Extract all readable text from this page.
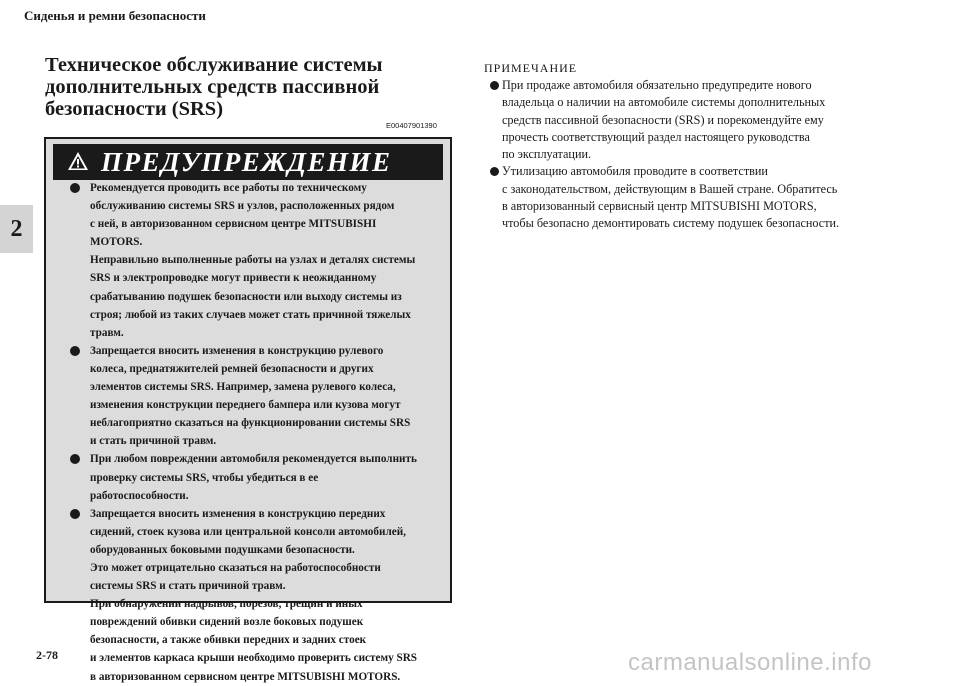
Сиденья и ремни безопасности
2
Техническое обслуживание системы
дополнительных средств пассивной
безопасности (SRS)
E00407901390
ПРЕДУПРЕЖДЕНИЕ
Рекомендуется проводить все работы по техническому
обслуживанию системы SRS и узлов, расположенных рядом
с ней, в авторизованном сервисном центре MITSUBISHI
MOTORS.
Неправильно выполненные работы на узлах и деталях системы
SRS и электропроводке могут привести к неожиданному
срабатыванию подушек безопасности или выходу системы из
строя; любой из таких случаев может стать причиной тяжелых
травм.
Запрещается вносить изменения в конструкцию рулевого
колеса, преднатяжителей ремней безопасности и других
элементов системы SRS. Например, замена рулевого колеса,
изменения конструкции переднего бампера или кузова могут
неблагоприятно сказаться на функционировании системы SRS
и стать причиной травм.
При любом повреждении автомобиля рекомендуется выполнить
проверку системы SRS, чтобы убедиться в ее
работоспособности.
Запрещается вносить изменения в конструкцию передних
сидений, стоек кузова или центральной консоли автомобилей,
оборудованных боковыми подушками безопасности.
Это может отрицательно сказаться на работоспособности
системы SRS и стать причиной травм.
При обнаружении надрывов, порезов, трещин и иных
повреждений обивки сидений возле боковых подушек
безопасности, а также обивки передних и задних стоек
и элементов каркаса крыши необходимо проверить систему SRS
в авторизованном сервисном центре MITSUBISHI MOTORS.
ПРИМЕЧАНИЕ
При продаже автомобиля обязательно предупредите нового
владельца о наличии на автомобиле системы дополнительных
средств пассивной безопасности (SRS) и порекомендуйте ему
прочесть соответствующий раздел настоящего руководства
по эксплуатации.
Утилизацию автомобиля проводите в соответствии
с законодательством, действующим в Вашей стране. Обратитесь
в авторизованный сервисный центр MITSUBISHI MOTORS,
чтобы безопасно демонтировать систему подушек безопасности.
2-78	carmanualsonline.info
